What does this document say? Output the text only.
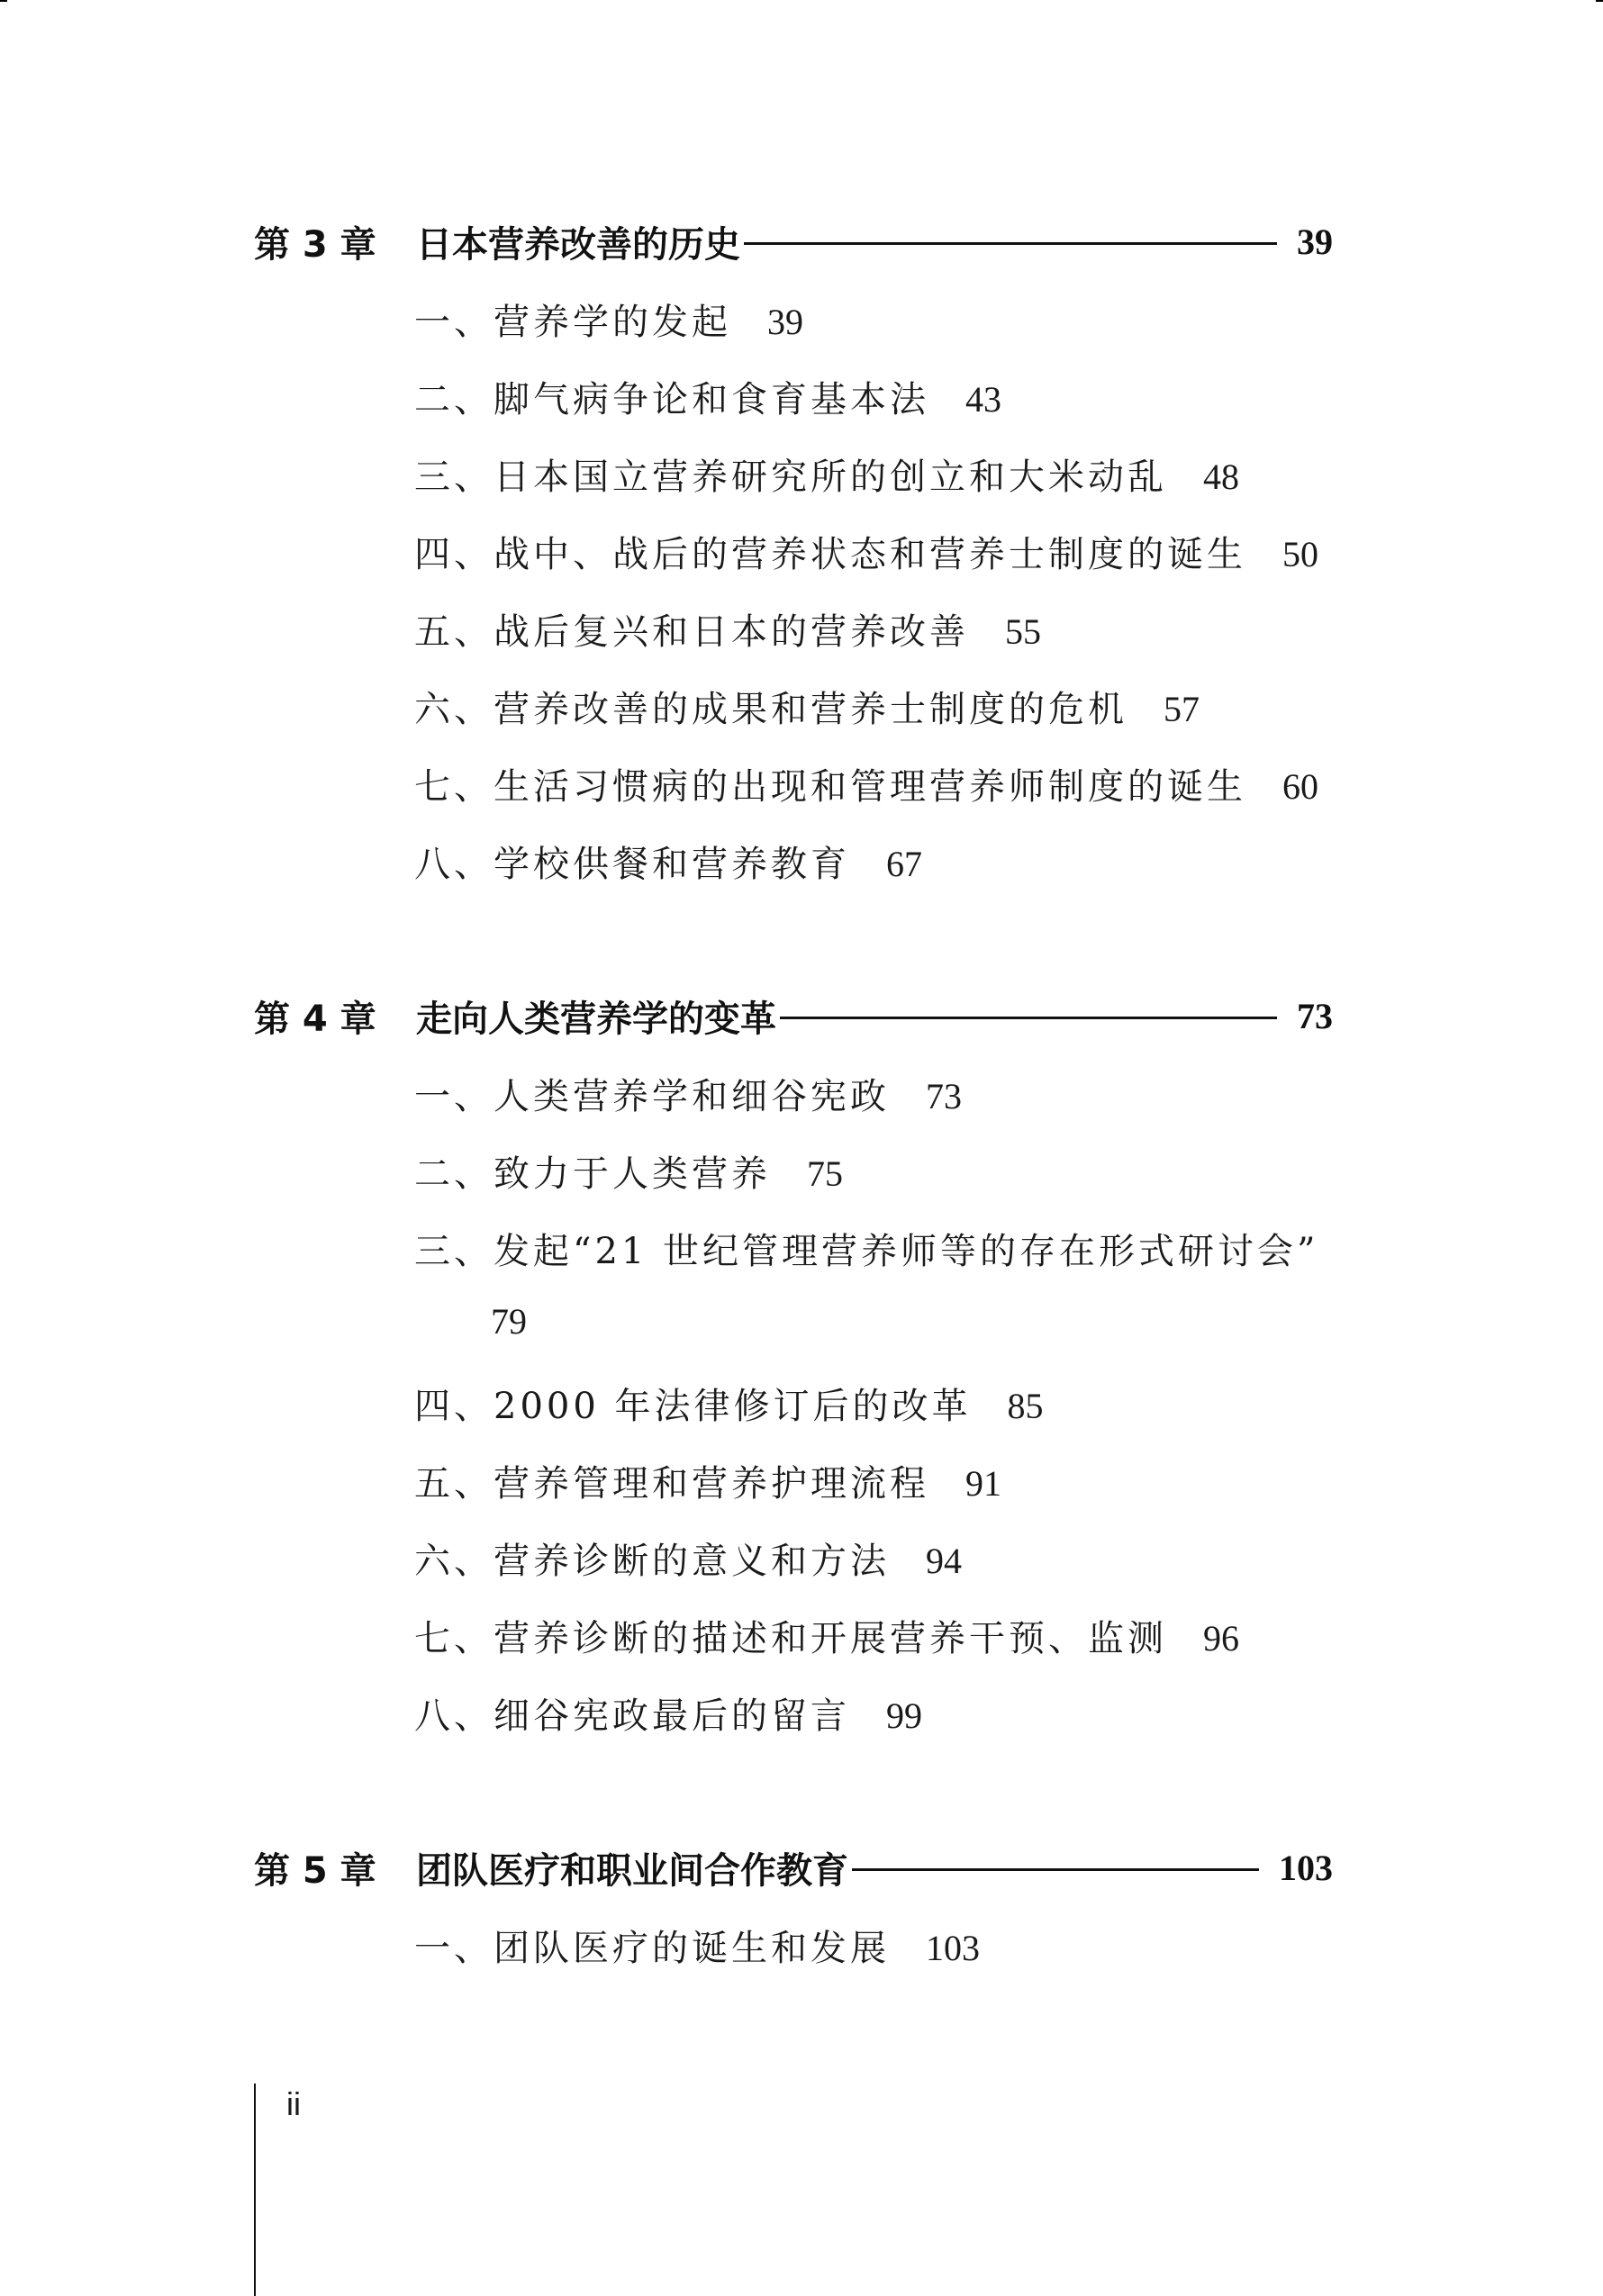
第 3 章	日本营养改善的历史	39
一、营养学的发起 39
二、脚气病争论和食育基本法 43
三、日本国立营养研究所的创立和大米动乱 48
四、战中、战后的营养状态和营养士制度的诞生 50
五、战后复兴和日本的营养改善 55
六、营养改善的成果和营养士制度的危机 57
七、生活习惯病的出现和管理营养师制度的诞生 60
八、学校供餐和营养教育 67
第 4 章	走向人类营养学的变革	73
一、人类营养学和细谷宪政 73
二、致力于人类营养 75
三、发起“21 世纪管理营养师等的存在形式研讨会”
79
四、2000 年法律修订后的改革 85
五、营养管理和营养护理流程 91
六、营养诊断的意义和方法 94
七、营养诊断的描述和开展营养干预、监测 96
八、细谷宪政最后的留言 99
第 5 章	团队医疗和职业间合作教育	103
一、团队医疗的诞生和发展 103
ii
